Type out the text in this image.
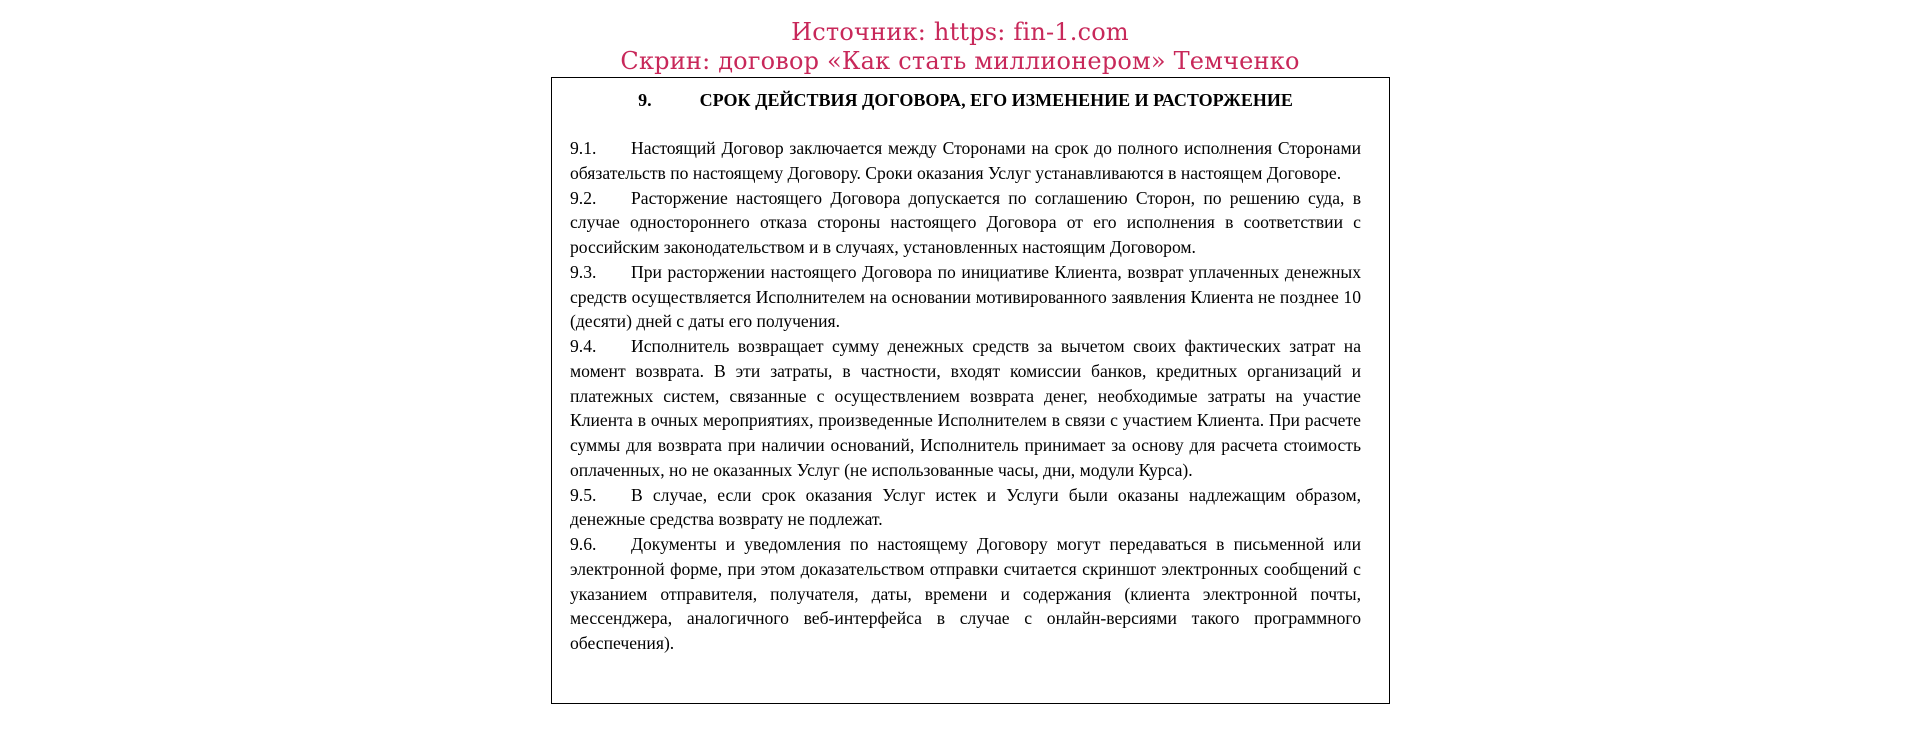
Источник: https: fin-1.com
Скрин: договор «Как стать миллионером» Темченко
9.	СРОК ДЕЙСТВИЯ ДОГОВОРА, ЕГО ИЗМЕНЕНИЕ И РАСТОРЖЕНИЕ

9.1. Настоящий Договор заключается между Сторонами на срок до полного исполнения Сторонами обязательств по настоящему Договору. Сроки оказания Услуг устанавливаются в настоящем Договоре.

9.2. Расторжение настоящего Договора допускается по соглашению Сторон, по решению суда, в случае одностороннего отказа стороны настоящего Договора от его исполнения в соответствии с российским законодательством и в случаях, установленных настоящим Договором.

9.3. При расторжении настоящего Договора по инициативе Клиента, возврат уплаченных денежных средств осуществляется Исполнителем на основании мотивированного заявления Клиента не позднее 10 (десяти) дней с даты его получения.

9.4. Исполнитель возвращает сумму денежных средств за вычетом своих фактических затрат на момент возврата. В эти затраты, в частности, входят комиссии банков, кредитных организаций и платежных систем, связанные с осуществлением возврата денег, необходимые затраты на участие Клиента в очных мероприятиях, произведенные Исполнителем в связи с участием Клиента. При расчете суммы для возврата при наличии оснований, Исполнитель принимает за основу для расчета стоимость оплаченных, но не оказанных Услуг (не использованные часы, дни, модули Курса).

9.5. В случае, если срок оказания Услуг истек и Услуги были оказаны надлежащим образом, денежные средства возврату не подлежат.

9.6. Документы и уведомления по настоящему Договору могут передаваться в письменной или электронной форме, при этом доказательством отправки считается скриншот электронных сообщений с указанием отправителя, получателя, даты, времени и содержания (клиента электронной почты, мессенджера, аналогичного веб-интерфейса в случае с онлайн-версиями такого программного обеспечения).
